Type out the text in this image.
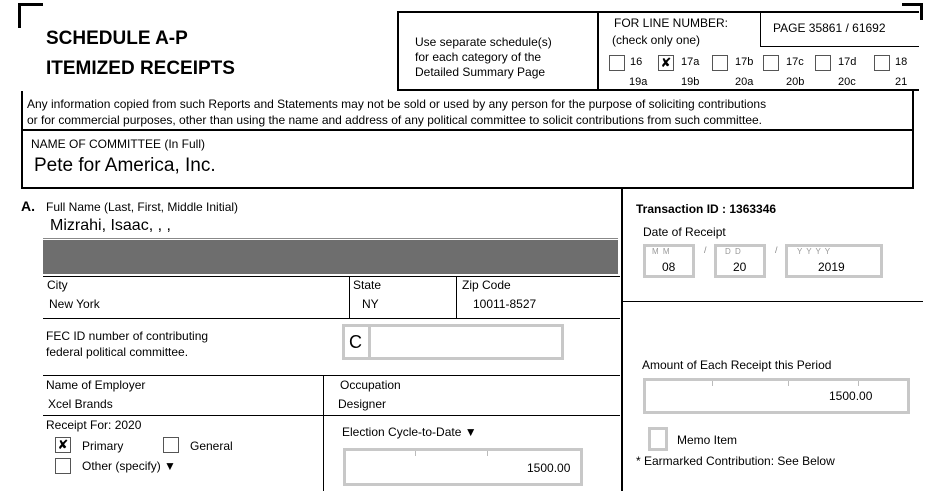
SCHEDULE A-P
ITEMIZED RECEIPTS
Use separate schedule(s)
for each category of the
Detailed Summary Page
FOR LINE NUMBER:
(check only one)
PAGE 35861 / 61692
16
19a
✘ 17a
19b
17b
20a
17c
20b
17d
20c
18
21
Any information copied from such Reports and Statements may not be sold or used by any person for the purpose of soliciting contributions
or for commercial purposes, other than using the name and address of any political committee to solicit contributions from such committee.
NAME OF COMMITTEE (In Full)
Pete for America, Inc.
A. Full Name (Last, First, Middle Initial)
Mizrahi, Isaac, , ,
City
New York
State
NY
Zip Code
10011-8527
FEC ID number of contributing
federal political committee.	C
Name of Employer
Xcel Brands
Occupation
Designer
Receipt For: 2020
✘ Primary	General
Other (specify) ▼
Election Cycle-to-Date ▼
1500.00
Transaction ID : 1363346
Date of Receipt
M M
08
/ D D
20
/ Y Y Y Y
2019
Amount of Each Receipt this Period
1500.00
Memo Item
* Earmarked Contribution: See Below
